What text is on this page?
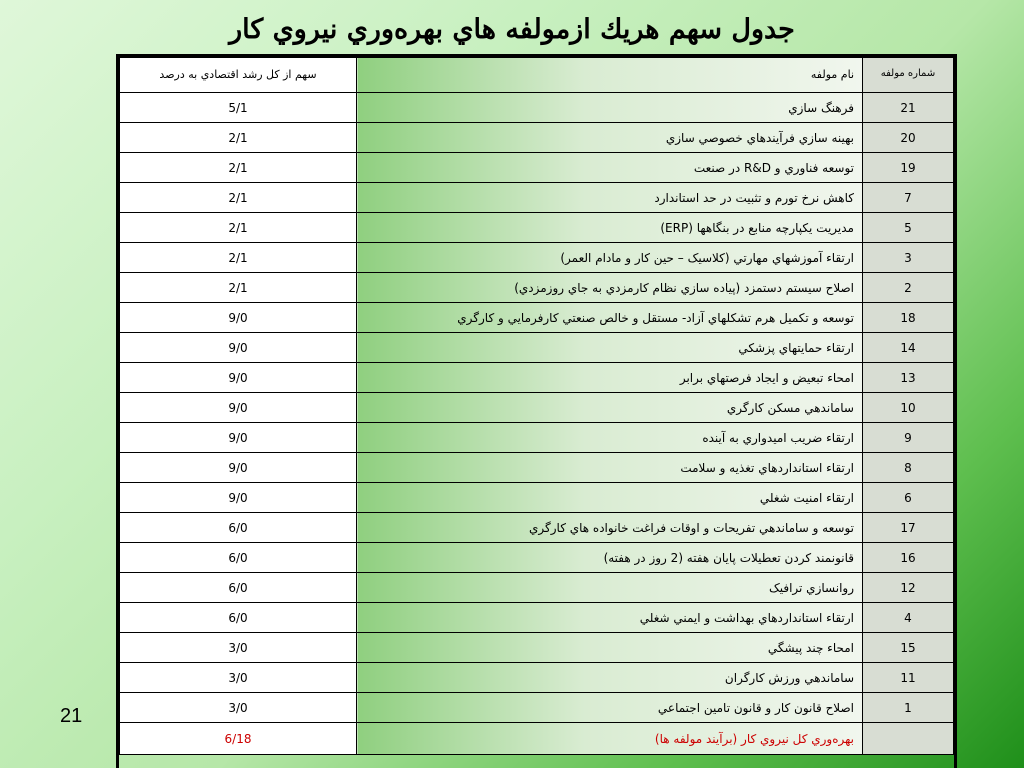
جدول سهم هريك ازمولفه هاي بهره‌وري نيروي كار
شماره مولفه	نام مولفه	سهم از كل رشد اقتصادي به درصد
21	فرهنگ سازي	5/1
20	بهينه سازي فرآيندهاي خصوصي سازي	2/1
19	توسعه فناوري و R&D در صنعت	2/1
7	كاهش نرخ تورم و تثبيت در حد استاندارد	2/1
5	مديريت يكپارچه منابع در بنگاهها (ERP)	2/1
3	ارتقاء آموزشهاي مهارتي (كلاسيک – حين كار و مادام العمر)	2/1
2	اصلاح سيستم دستمزد (پياده سازي نظام كارمزدي به جاي روزمزدي)	2/1
18	توسعه و تكميل هرم تشكلهاي آزاد- مستقل و خالص صنعتي كارفرمايي و كارگري	9/0
14	ارتقاء حمايتهاي پزشكي	9/0
13	امحاء تبعيض و ايجاد فرصتهاي برابر	9/0
10	ساماندهي مسكن كارگري	9/0
9	ارتقاء ضريب اميدواري به آينده	9/0
8	ارتقاء استانداردهاي تغذيه و سلامت	9/0
6	ارتقاء امنيت شغلي	9/0
17	توسعه و ساماندهي تفريحات و اوقات فراغت خانواده هاي كارگري	6/0
16	قانونمند كردن تعطيلات پايان هفته (2 روز در هفته)	6/0
12	روانسازي ترافيک	6/0
4	ارتقاء استانداردهاي بهداشت و ايمني شغلي	6/0
15	امحاء چند پيشگي	3/0
11	ساماندهي ورزش كارگران	3/0
1	اصلاح قانون كار و قانون تامين اجتماعي	3/0
	بهره‌وري كل نيروي كار (برآيند مولفه ها)	6/18
21
